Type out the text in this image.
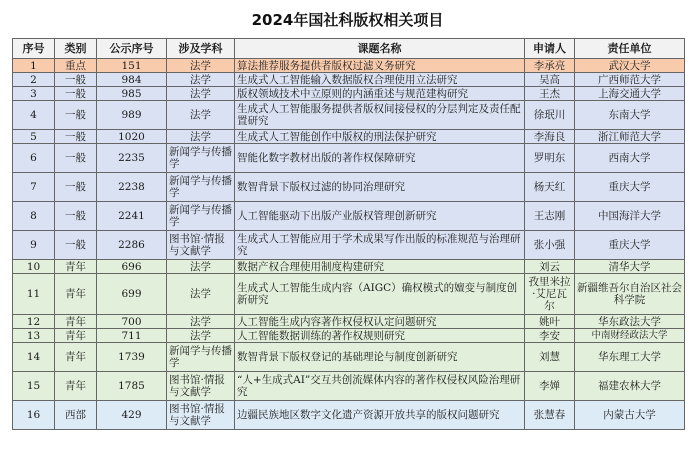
2024年国社科版权相关项目
序号	类别	公示序号	涉及学科	课题名称	申请人	责任单位
1	重点	151	法学	算法推荐服务提供者版权过滤义务研究	李承亮	武汉大学
2	一般	984	法学	生成式人工智能输入数据版权合理使用立法研究	吴高	广西师范大学
3	一般	985	法学	版权领域技术中立原则的内涵重述与规范建构研究	王杰	上海交通大学
4	一般	989	法学	生成式人工智能服务提供者版权间接侵权的分层判定及责任配置研究	徐珉川	东南大学
5	一般	1020	法学	生成式人工智能创作中版权的刑法保护研究	李海良	浙江师范大学
6	一般	2235	新闻学与传播学	智能化数字教材出版的著作权保障研究	罗明东	西南大学
7	一般	2238	新闻学与传播学	数智背景下版权过滤的协同治理研究	杨天红	重庆大学
8	一般	2241	新闻学与传播学	人工智能驱动下出版产业版权管理创新研究	王志刚	中国海洋大学
9	一般	2286	图书馆·情报与文献学	生成式人工智能应用于学术成果写作出版的标准规范与治理研究	张小强	重庆大学
10	青年	696	法学	数据产权合理使用制度构建研究	刘云	清华大学
11	青年	699	法学	生成式人工智能生成内容（AIGC）确权模式的嬗变与制度创新研究	孜里米拉·艾尼瓦尔	新疆维吾尔自治区社会科学院
12	青年	700	法学	人工智能生成内容著作权侵权认定问题研究	姚叶	华东政法大学
13	青年	711	法学	人工智能数据训练的著作权规则研究	李安	中南财经政法大学
14	青年	1739	新闻学与传播学	数智背景下版权登记的基础理论与制度创新研究	刘慧	华东理工大学
15	青年	1785	图书馆·情报与文献学	“人+生成式AI”交互共创流媒体内容的著作权侵权风险治理研究	李婵	福建农林大学
16	西部	429	图书馆·情报与文献学	边疆民族地区数字文化遗产资源开放共享的版权问题研究	张慧春	内蒙古大学
